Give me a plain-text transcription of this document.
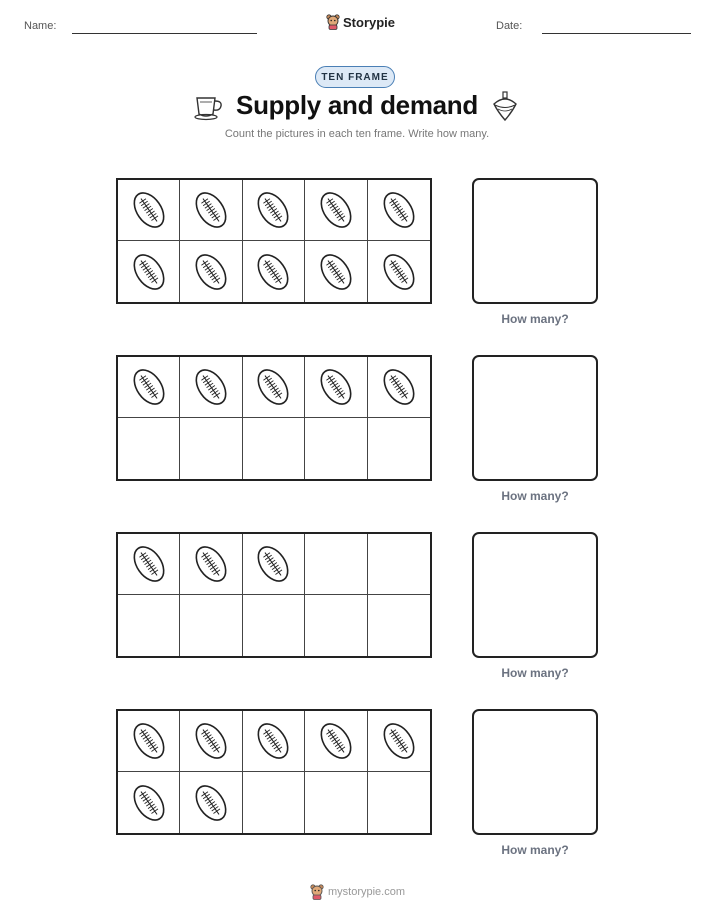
Name:	Storypie	Date:
TEN FRAME
Supply and demand
Count the pictures in each ten frame. Write how many.
How many?
How many?
How many?
How many?
mystorypie.com
